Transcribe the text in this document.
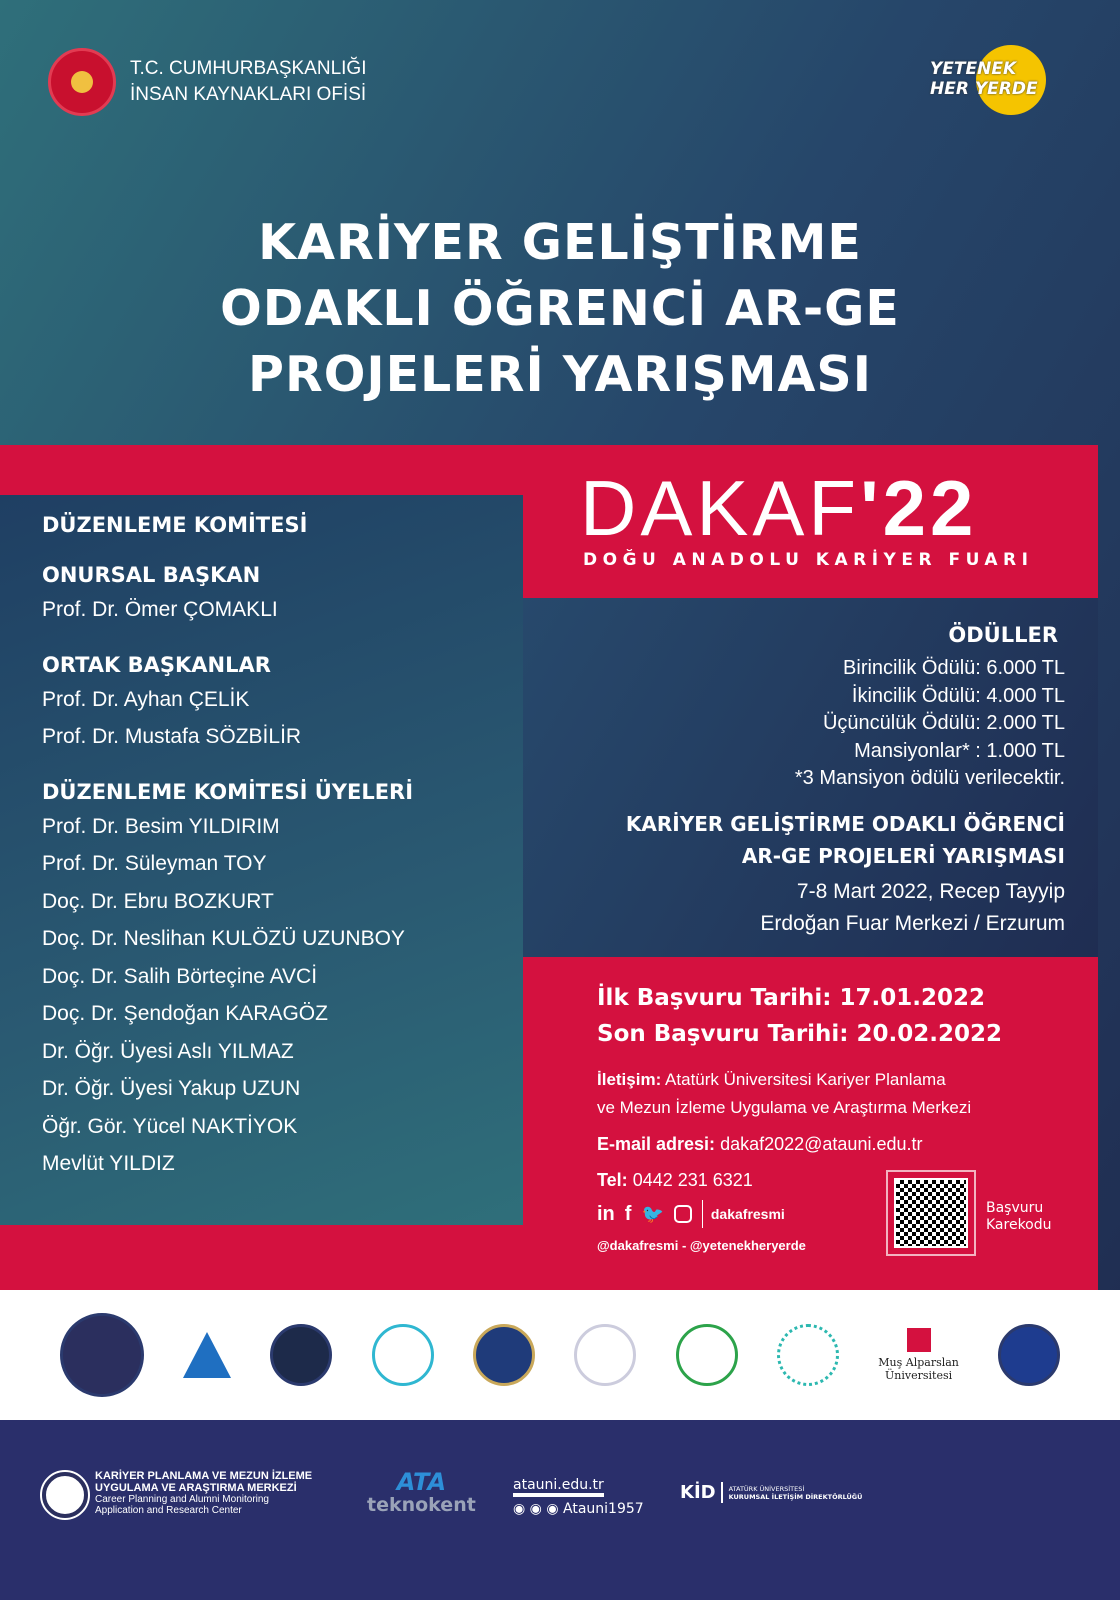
T.C. CUMHURBAŞKANLIĞI
İNSAN KAYNAKLARI OFİSİ
YETENEK
HER YERDE
KARİYER GELİŞTİRME
ODAKLI ÖĞRENCİ AR-GE
PROJELERİ YARIŞMASI
DÜZENLEME KOMİTESİ
ONURSAL BAŞKAN
Prof. Dr. Ömer ÇOMAKLI
ORTAK BAŞKANLAR
Prof. Dr. Ayhan ÇELİK
Prof. Dr. Mustafa SÖZBİLİR
DÜZENLEME KOMİTESİ ÜYELERİ
Prof. Dr. Besim YILDIRIM
Prof. Dr. Süleyman TOY
Doç. Dr. Ebru BOZKURT
Doç. Dr. Neslihan KULÖZÜ UZUNBOY
Doç. Dr. Salih Börteçine AVCİ
Doç. Dr. Şendoğan KARAGÖZ
Dr. Öğr. Üyesi Aslı YILMAZ
Dr. Öğr. Üyesi Yakup UZUN
Öğr. Gör. Yücel NAKTİYOK
Mevlüt YILDIZ
DAKAF'22
DOĞU ANADOLU KARİYER FUARI
ÖDÜLLER
Birincilik Ödülü: 6.000 TL
İkincilik Ödülü: 4.000 TL
Üçüncülük Ödülü: 2.000 TL
Mansiyonlar* : 1.000 TL
*3 Mansiyon ödülü verilecektir.
KARİYER GELİŞTİRME ODAKLI ÖĞRENCİ
AR-GE PROJELERİ YARIŞMASI
7-8 Mart 2022, Recep Tayyip
Erdoğan Fuar Merkezi / Erzurum
İlk Başvuru Tarihi: 17.01.2022
Son Başvuru Tarihi: 20.02.2022
İletişim: Atatürk Üniversitesi Kariyer Planlama
ve Mezun İzleme Uygulama ve Araştırma Merkezi
E-mail adresi: dakaf2022@atauni.edu.tr
Tel: 0442 231 6321
in f 🐦	dakafresmi
@dakafresmi - @yetenekheryerde
Başvuru
Karekodu
Muş Alparslan
Üniversitesi
KARİYER PLANLAMA VE MEZUN İZLEME
UYGULAMA VE ARAŞTIRMA MERKEZİ
Career Planning and Alumni Monitoring
Application and Research Center
ATA
teknokent
atauni.edu.tr
◉ ◉ ◉ Atauni1957
KİD	ATATÜRK ÜNİVERSİTESİ
KURUMSAL İLETİŞİM DİREKTÖRLÜĞÜ
